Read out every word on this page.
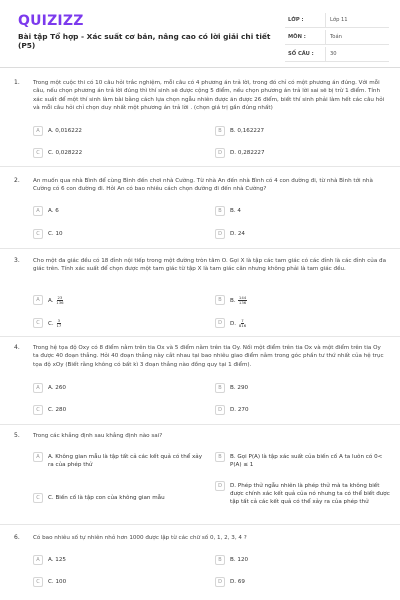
QUIZIZZ
Bài tập Tổ hợp - Xác suất cơ bản, nâng cao có lời giải chi tiết (P5)
LỚP :	Lớp 11
MÔN :	Toán
SỐ CÂU :	30
1. Trong một cuộc thi có 10 câu hỏi trắc nghiệm, mỗi câu có 4 phương án trả lời, trong đó chỉ có một phương án đúng. Với mỗi câu, nếu chọn phương án trả lời đúng thì thí sinh sẽ được cộng 5 điểm, nếu chọn phương án trả lời sai sẽ bị trừ 1 điểm. Tính xác suất để một thí sinh làm bài bằng cách lựa chọn ngẫu nhiên được ăn được 26 điểm, biết thí sinh phải làm hết các câu hỏi và mỗi câu hỏi chỉ chọn duy nhất một phương án trả lời . (chọn giá trị gần đúng nhất)
A	A. 0,016222	B	B. 0,162227
C	C. 0,028222	D	D. 0,282227
2. An muốn qua nhà Bình để cùng Bình đến chơi nhà Cường. Từ nhà An đến nhà Bình có 4 con đường đi, từ nhà Bình tới nhà Cường có 6 con đường đi. Hỏi An có bao nhiêu cách chọn đường đi đến nhà Cường?
A	A. 6	B	B. 4
C	C. 10	D	D. 24
3. Cho một đa giác đều có 18 đỉnh nội tiếp trong một đường tròn tâm O. Gọi X là tập các tam giác có các đỉnh là các đỉnh của đa giác trên. Tính xác suất để chọn được một tam giác từ tập X là tam giác cân nhưng không phải là tam giác đều.
A	A. $\frac{23}{136}$	B	B. $\frac{144}{136}$
C	C. $\frac{3}{17}$	D	D. $\frac{7}{816}$
4. Trong hệ tọa độ Oxy có 8 điểm nằm trên tia Ox và 5 điểm nằm trên tia Oy. Nối một điểm trên tia Ox và một điểm trên tia Oy ta được 40 đoạn thẳng. Hỏi 40 đoạn thẳng này cắt nhau tại bao nhiêu giao điểm nằm trong góc phần tư thứ nhất của hệ trục tọa độ xOy (Biết rằng không có bất kì 3 đoạn thẳng nào đồng quy tại 1 điểm).
A	A. 260	B	B. 290
C	C. 280	D	D. 270
5. Trong các khẳng định sau khẳng định nào sai?
A	A. Không gian mẫu là tập tất cả các kết quả có thể xảy ra của phép thử
B	B. Gọi P(A) là tập xác suất của biến cố A ta luôn có 0< P(A) ≤ 1
C	C. Biến cố là tập con của không gian mẫu
D	D. Phép thử ngẫu nhiên là phép thử mà ta không biết được chính xác kết quả của nó nhưng ta có thể biết được tập tất cả các kết quả có thể xảy ra của phép thử
6. Có bao nhiêu số tự nhiên nhỏ hơn 1000 được lập từ các chữ số 0, 1, 2, 3, 4 ?
A	A. 125	B	B. 120
C	C. 100	D	D. 69
